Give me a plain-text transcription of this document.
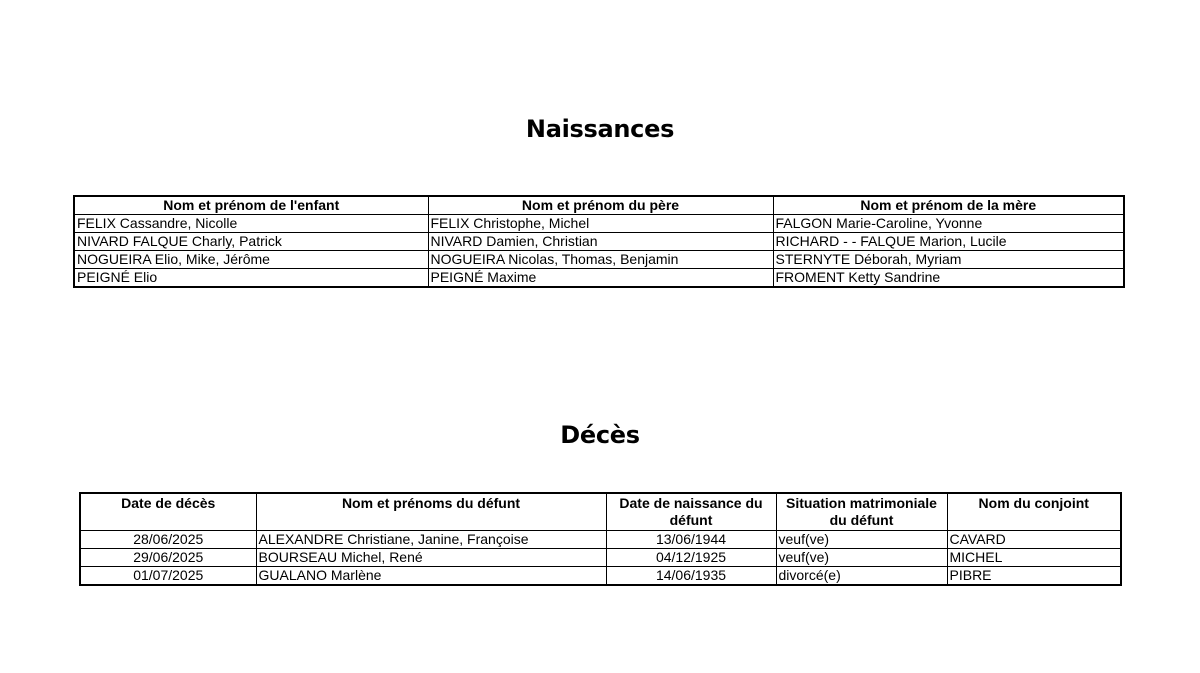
Naissances
Nom et prénom de l'enfant	Nom et prénom du père	Nom et prénom de la mère
FELIX Cassandre, Nicolle	FELIX Christophe, Michel	FALGON Marie-Caroline, Yvonne
NIVARD FALQUE Charly, Patrick	NIVARD Damien, Christian	RICHARD - - FALQUE Marion, Lucile
NOGUEIRA Elio, Mike, Jérôme	NOGUEIRA Nicolas, Thomas, Benjamin	STERNYTE Déborah, Myriam
PEIGNÉ Elio	PEIGNÉ Maxime	FROMENT Ketty Sandrine
Décès
Date de décès	Nom et prénoms du défunt	Date de naissance du défunt	Situation matrimoniale du défunt	Nom du conjoint
28/06/2025	ALEXANDRE Christiane, Janine, Françoise	13/06/1944	veuf(ve)	CAVARD
29/06/2025	BOURSEAU Michel, René	04/12/1925	veuf(ve)	MICHEL
01/07/2025	GUALANO Marlène	14/06/1935	divorcé(e)	PIBRE
